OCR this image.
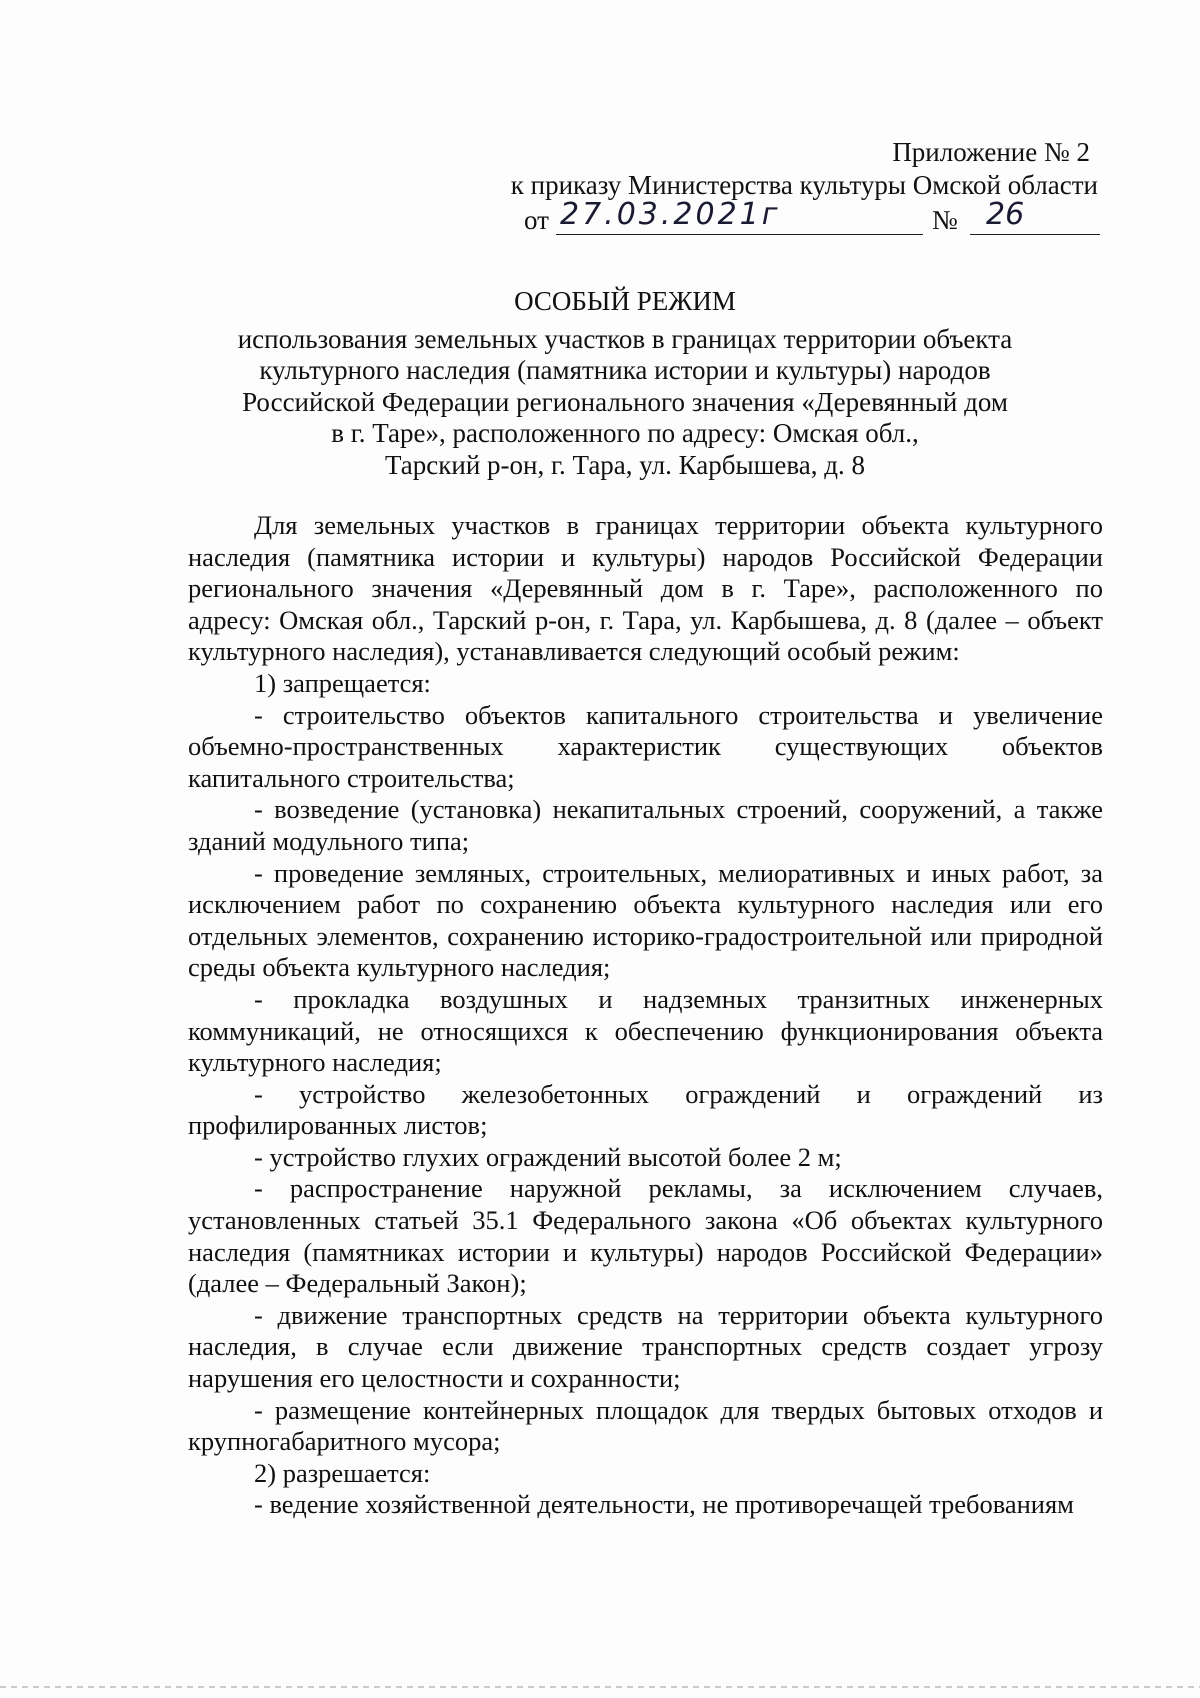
Приложение № 2
к приказу Министерства культуры Омской области
от 27.03.2021г	№ 26
ОСОБЫЙ РЕЖИМ
использования земельных участков в границах территории объекта
культурного наследия (памятника истории и культуры) народов
Российской Федерации регионального значения «Деревянный дом
в г. Таре», расположенного по адресу: Омская обл.,
Тарский р-он, г. Тара, ул. Карбышева, д. 8

Для земельных участков в границах территории объекта культурного наследия (памятника истории и культуры) народов Российской Федерации регионального значения «Деревянный дом в г. Таре», расположенного по адресу: Омская обл., Тарский р-он, г. Тара, ул. Карбышева, д. 8 (далее – объект культурного наследия), устанавливается следующий особый режим:

1) запрещается:

- строительство объектов капитального строительства и увеличение объемно-пространственных характеристик существующих объектов капитального строительства;

- возведение (установка) некапитальных строений, сооружений, а также зданий модульного типа;

- проведение земляных, строительных, мелиоративных и иных работ, за исключением работ по сохранению объекта культурного наследия или его отдельных элементов, сохранению историко-градостроительной или природной среды объекта культурного наследия;

- прокладка воздушных и надземных транзитных инженерных коммуникаций, не относящихся к обеспечению функционирования объекта культурного наследия;

- устройство железобетонных ограждений и ограждений из профилированных листов;

- устройство глухих ограждений высотой более 2 м;

- распространение наружной рекламы, за исключением случаев, установленных статьей 35.1 Федерального закона «Об объектах культурного наследия (памятниках истории и культуры) народов Российской Федерации» (далее – Федеральный Закон);

- движение транспортных средств на территории объекта культурного наследия, в случае если движение транспортных средств создает угрозу нарушения его целостности и сохранности;

- размещение контейнерных площадок для твердых бытовых отходов и крупногабаритного мусора;

2) разрешается:

- ведение хозяйственной деятельности, не противоречащей требованиям
